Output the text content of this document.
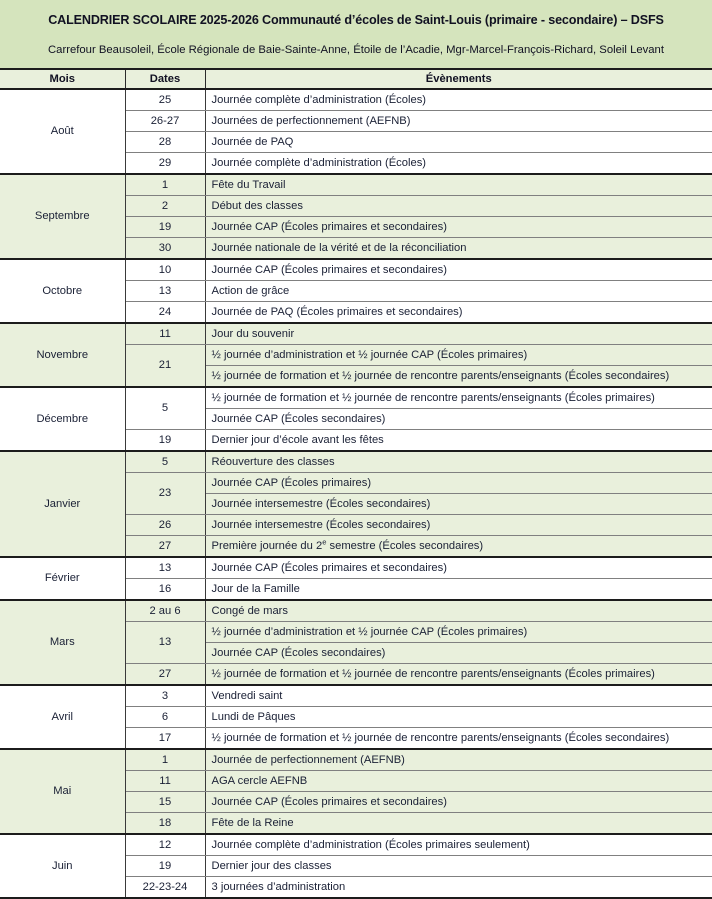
CALENDRIER SCOLAIRE 2025-2026 Communauté d’écoles de Saint-Louis (primaire - secondaire) – DSFS
Carrefour Beausoleil, École Régionale de Baie-Sainte-Anne, Étoile de l’Acadie, Mgr-Marcel-François-Richard, Soleil Levant
Mois	Dates	Évènements
Août	25	Journée complète d’administration (Écoles)
	26-27	Journées de perfectionnement (AEFNB)
	28	Journée de PAQ
	29	Journée complète d’administration (Écoles)
Septembre	1	Fête du Travail
	2	Début des classes
	19	Journée CAP (Écoles primaires et secondaires)
	30	Journée nationale de la vérité et de la réconciliation
Octobre	10	Journée CAP (Écoles primaires et secondaires)
	13	Action de grâce
	24	Journée de PAQ (Écoles primaires et secondaires)
Novembre	11	Jour du souvenir
	21	½ journée d’administration et ½ journée CAP (Écoles primaires)
		½ journée de formation et ½ journée de rencontre parents/enseignants (Écoles secondaires)
Décembre	5	½ journée de formation et ½ journée de rencontre parents/enseignants (Écoles primaires)
		Journée CAP (Écoles secondaires)
	19	Dernier jour d’école avant les fêtes
Janvier	5	Réouverture des classes
	23	Journée CAP (Écoles primaires)
		Journée intersemestre (Écoles secondaires)
	26	Journée intersemestre (Écoles secondaires)
	27	Première journée du 2e semestre (Écoles secondaires)
Février	13	Journée CAP (Écoles primaires et secondaires)
	16	Jour de la Famille
Mars	2 au 6	Congé de mars
	13	½ journée d’administration et ½ journée CAP (Écoles primaires)
		Journée CAP (Écoles secondaires)
	27	½ journée de formation et ½ journée de rencontre parents/enseignants (Écoles primaires)
Avril	3	Vendredi saint
	6	Lundi de Pâques
	17	½ journée de formation et ½ journée de rencontre parents/enseignants (Écoles secondaires)
Mai	1	Journée de perfectionnement (AEFNB)
	11	AGA cercle AEFNB
	15	Journée CAP (Écoles primaires et secondaires)
	18	Fête de la Reine
Juin	12	Journée complète d’administration (Écoles primaires seulement)
	19	Dernier jour des classes
	22-23-24	3 journées d’administration
